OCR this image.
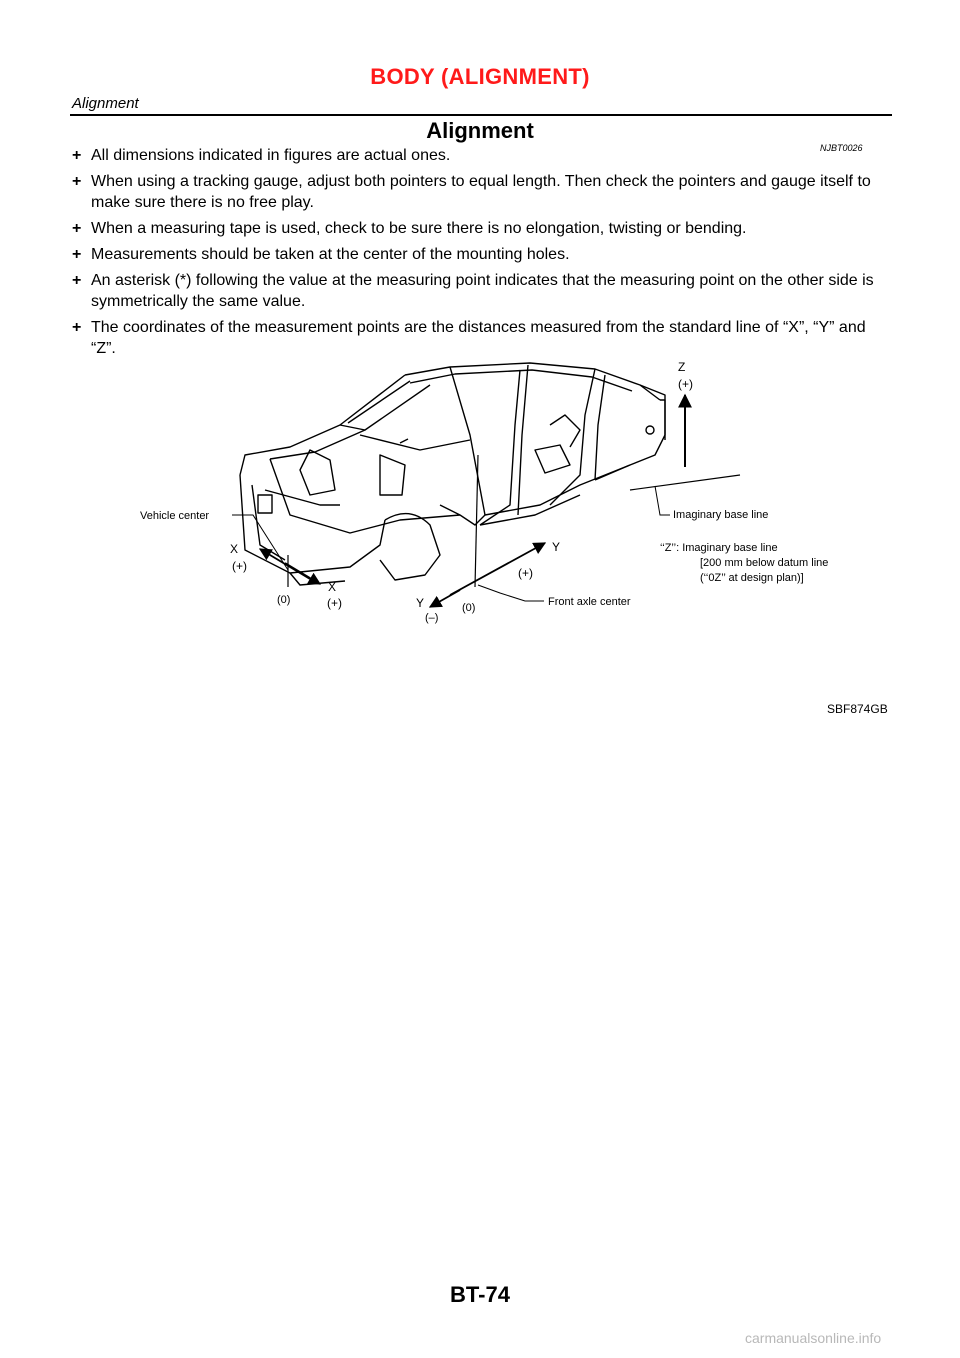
BODY (ALIGNMENT)
Alignment
Alignment
NJBT0026
+ All dimensions indicated in figures are actual ones.
+ When using a tracking gauge, adjust both pointers to equal length. Then check the pointers and gauge itself to make sure there is no free play.
+ When a measuring tape is used, check to be sure there is no elongation, twisting or bending.
+ Measurements should be taken at the center of the mounting holes.
+ An asterisk (*) following the value at the measuring point indicates that the measuring point on the other side is symmetrically the same value.
+ The coordinates of the measurement points are the distances measured from the standard line of “X”, “Y” and “Z”.
Vehicle center
X
(+)
(0)
X
(+)	Y
(–)
(0)
Y
(+)
Front axle center
Z
(+)
Imaginary base line
‘‘Z’’: Imaginary base line
[200 mm below datum line
(‘‘0Z’’ at design plan)]
SBF874GB
BT-74
carmanualsonline.info
